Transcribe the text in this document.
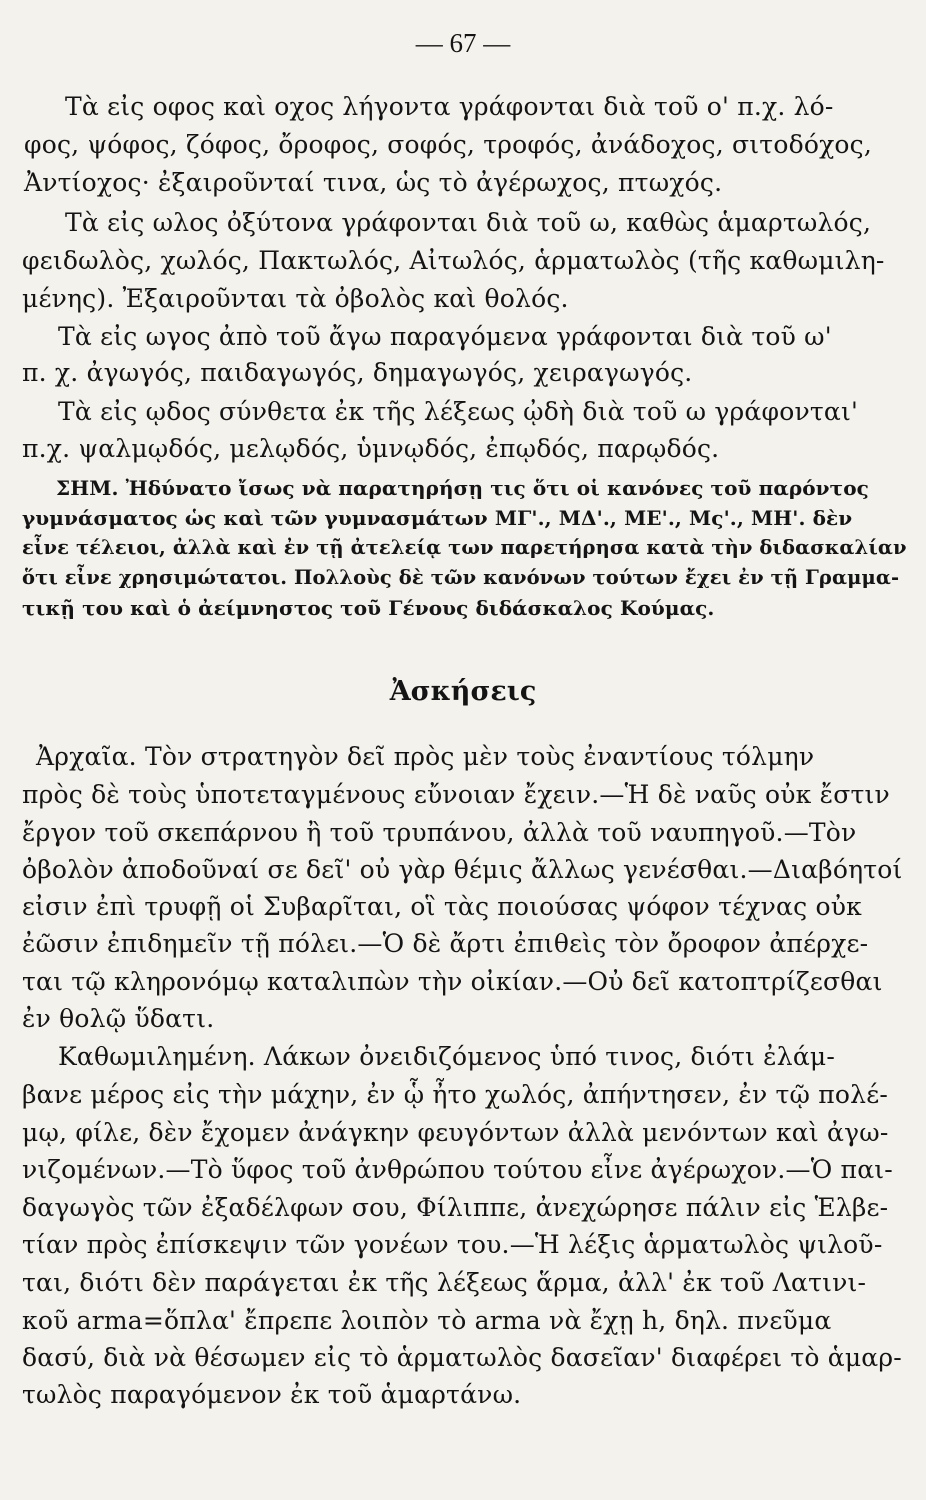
— 67 —
Τὰ εἰς οφος καὶ οχος λήγοντα γράφονται διὰ τοῦ ο' π.χ. λό-
φος, ψόφος, ζόφος, ὄροφος, σοφός, τροφός, ἀνάδοχος, σιτοδόχος,
Ἀντίοχος· ἐξαιροῦνταί τινα, ὡς τὸ ἀγέρωχος, πτωχός.
Τὰ εἰς ωλος ὀξύτονα γράφονται διὰ τοῦ ω, καθὼς ἁμαρτωλός,
φειδωλὸς, χωλός, Πακτωλός, Αἰτωλός, ἁρματωλὸς (τῆς καθωμιλη-
μένης). Ἐξαιροῦνται τὰ ὀβολὸς καὶ θολός.
Τὰ εἰς ωγος ἀπὸ τοῦ ἄγω παραγόμενα γράφονται διὰ τοῦ ω'
π. χ. ἀγωγός, παιδαγωγός, δημαγωγός, χειραγωγός.
Τὰ εἰς ῳδος σύνθετα ἐκ τῆς λέξεως ᾠδὴ διὰ τοῦ ω γράφονται'
π.χ. ψαλμῳδός, μελῳδός, ὑμνῳδός, ἐπῳδός, παρῳδός.
ΣΗΜ. Ἠδύνατο ἴσως νὰ παρατηρήσῃ τις ὅτι οἱ κανόνες τοῦ παρόντος
γυμνάσματος ὡς καὶ τῶν γυμνασμάτων ΜΓ'., ΜΔ'., ΜΕ'., Μς'., ΜΗ'. δὲν
εἶνε τέλειοι, ἀλλὰ καὶ ἐν τῇ ἀτελείᾳ των παρετήρησα κατὰ τὴν διδασκαλίαν
ὅτι εἶνε χρησιμώτατοι. Πολλοὺς δὲ τῶν κανόνων τούτων ἔχει ἐν τῇ Γραμμα-
τικῇ του καὶ ὁ ἀείμνηστος τοῦ Γένους διδάσκαλος Κούμας.
Ἀσκήσεις
Ἀρχαῖα. Τὸν στρατηγὸν δεῖ πρὸς μὲν τοὺς ἐναντίους τόλμην
πρὸς δὲ τοὺς ὑποτεταγμένους εὔνοιαν ἔχειν.—Ἡ δὲ ναῦς οὐκ ἔστιν
ἔργον τοῦ σκεπάρνου ἢ τοῦ τρυπάνου, ἀλλὰ τοῦ ναυπηγοῦ.—Τὸν
ὀβολὸν ἀποδοῦναί σε δεῖ' οὐ γὰρ θέμις ἄλλως γενέσθαι.—Διαβόητοί
εἰσιν ἐπὶ τρυφῇ οἱ Συβαρῖται, οἳ τὰς ποιούσας ψόφον τέχνας οὐκ
ἐῶσιν ἐπιδημεῖν τῇ πόλει.—Ὁ δὲ ἄρτι ἐπιθεὶς τὸν ὄροφον ἀπέρχε-
ται τῷ κληρονόμῳ καταλιπὼν τὴν οἰκίαν.—Οὐ δεῖ κατοπτρίζεσθαι
ἐν θολῷ ὕδατι.
Καθωμιλημένη. Λάκων ὀνειδιζόμενος ὑπό τινος, διότι ἐλάμ-
βανε μέρος εἰς τὴν μάχην, ἐν ᾧ ἦτο χωλός, ἀπήντησεν, ἐν τῷ πολέ-
μῳ, φίλε, δὲν ἔχομεν ἀνάγκην φευγόντων ἀλλὰ μενόντων καὶ ἀγω-
νιζομένων.—Τὸ ὕφος τοῦ ἀνθρώπου τούτου εἶνε ἀγέρωχον.—Ὁ παι-
δαγωγὸς τῶν ἐξαδέλφων σου, Φίλιππε, ἀνεχώρησε πάλιν εἰς Ἑλβε-
τίαν πρὸς ἐπίσκεψιν τῶν γονέων του.—Ἡ λέξις ἁρματωλὸς ψιλοῦ-
ται, διότι δὲν παράγεται ἐκ τῆς λέξεως ἅρμα, ἀλλ' ἐκ τοῦ Λατινι-
κοῦ arma=ὅπλα' ἔπρεπε λοιπὸν τὸ arma νὰ ἔχῃ h, δηλ. πνεῦμα
δασύ, διὰ νὰ θέσωμεν εἰς τὸ ἁρματωλὸς δασεῖαν' διαφέρει τὸ ἁμαρ-
τωλὸς παραγόμενον ἐκ τοῦ ἁμαρτάνω.
